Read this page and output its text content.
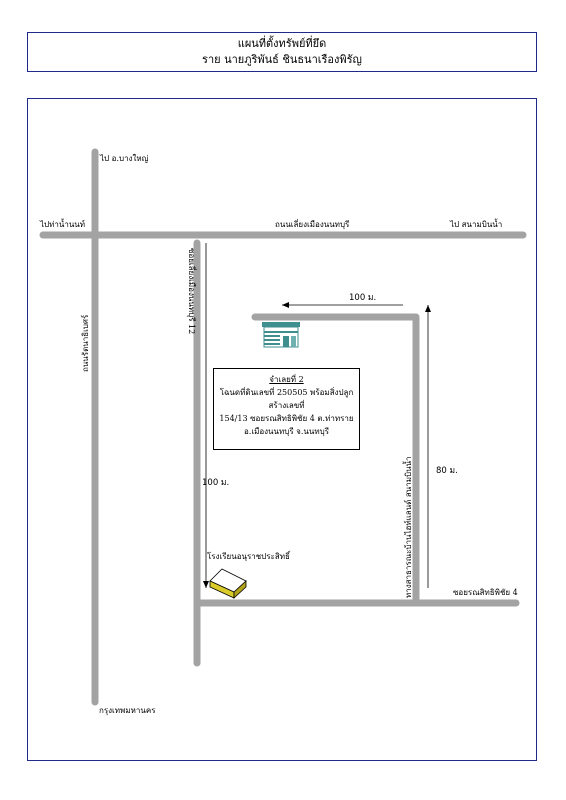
แผนที่ตั้งทรัพย์ที่ยึด
ราย นายภูริพันธ์ ชินธนาเรืองพิรัญ
ไป อ.บางใหญ่
ไปท่าน้ำนนท์	ถนนเลี่ยงเมืองนนทบุรี	ไป สนามบินน้ำ
ซอยเลี่ยงเมืองนนทบุรี 12
ถนนรัตนาธิเบศร์
100 ม.
100 ม.
80 ม.
ทางสาธารณะบ้านไฮท์แลนด์ สนามบินน้ำ
โรงเรียนอนุราชประสิทธิ์
ซอยรณสิทธิพิชัย 4
กรุงเทพมหานคร
จำเลยที่ 2
โฉนดที่ดินเลขที่ 250505 พร้อมสิ่งปลูกสร้างเลขที่
154/13 ซอยรณสิทธิพิชัย 4 ต.ท่าทราย
อ.เมืองนนทบุรี จ.นนทบุรี
